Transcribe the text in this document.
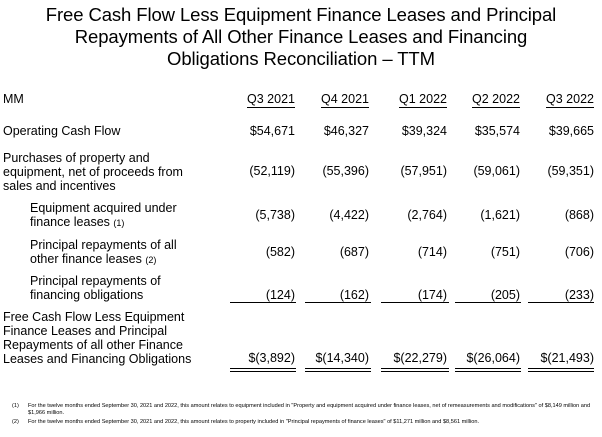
Free Cash Flow Less Equipment Finance Leases and Principal
Repayments of All Other Finance Leases and Financing
Obligations Reconciliation – TTM
MM	Q3 2021 Q4 2021 Q1 2022 Q2 2022 Q3 2022
Operating Cash Flow	$54,671 $46,327	$39,324 $35,574 $39,665
Purchases of property and
equipment, net of proceeds from
sales and incentives
(52,119) (55,396)	(57,951) (59,061) (59,351)
Equipment acquired under
finance leases (1)
(5,738)	(4,422)	(2,764)	(1,621)	(868)
Principal repayments of all
other finance leases (2)
(582)	(687)	(714)	(751)	(706)
Principal repayments of
financing obligations	(124)	(162)	(174)	(205)	(233)
Free Cash Flow Less Equipment
Finance Leases and Principal
Repayments of all other Finance
Leases and Financing Obligations	$(3,892) $(14,340) $(22,279) $(26,064) $(21,493)
(1)	For the twelve months ended September 30, 2021 and 2022, this amount relates to equipment included in "Property and equipment acquired under finance leases, net of remeasurements and modifications" of $8,149 million and $1,966 million.
(2)	For the twelve months ended September 30, 2021 and 2022, this amount relates to property included in "Principal repayments of finance leases" of $11,271 million and $8,561 million.
